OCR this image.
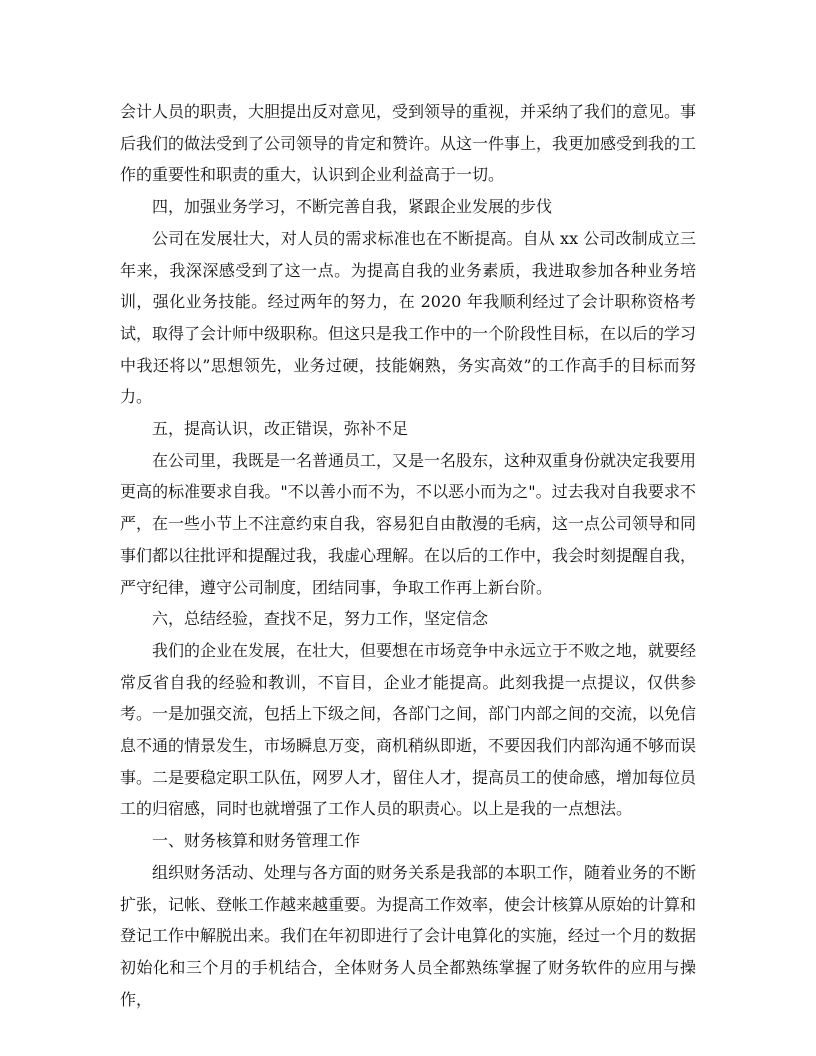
会计人员的职责，大胆提出反对意见，受到领导的重视，并采纳了我们的意见。事后我们的做法受到了公司领导的肯定和赞许。从这一件事上，我更加感受到我的工作的重要性和职责的重大，认识到企业利益高于一切。

四，加强业务学习，不断完善自我，紧跟企业发展的步伐

公司在发展壮大，对人员的需求标准也在不断提高。自从 xx 公司改制成立三年来，我深深感受到了这一点。为提高自我的业务素质，我进取参加各种业务培训，强化业务技能。经过两年的努力，在 2020 年我顺利经过了会计职称资格考试，取得了会计师中级职称。但这只是我工作中的一个阶段性目标，在以后的学习中我还将以”思想领先，业务过硬，技能娴熟，务实高效”的工作高手的目标而努力。

五，提高认识，改正错误，弥补不足

在公司里，我既是一名普通员工，又是一名股东，这种双重身份就决定我要用更高的标准要求自我。"不以善小而不为，不以恶小而为之"。过去我对自我要求不严，在一些小节上不注意约束自我，容易犯自由散漫的毛病，这一点公司领导和同事们都以往批评和提醒过我，我虚心理解。在以后的工作中，我会时刻提醒自我，严守纪律，遵守公司制度，团结同事，争取工作再上新台阶。

六，总结经验，查找不足，努力工作，坚定信念

我们的企业在发展，在壮大，但要想在市场竞争中永远立于不败之地，就要经常反省自我的经验和教训，不盲目，企业才能提高。此刻我提一点提议，仅供参考。一是加强交流，包括上下级之间，各部门之间，部门内部之间的交流，以免信息不通的情景发生，市场瞬息万变，商机稍纵即逝，不要因我们内部沟通不够而误事。二是要稳定职工队伍，网罗人才，留住人才，提高员工的使命感，增加每位员工的归宿感，同时也就增强了工作人员的职责心。以上是我的一点想法。

一、财务核算和财务管理工作

组织财务活动、处理与各方面的财务关系是我部的本职工作，随着业务的不断扩张，记帐、登帐工作越来越重要。为提高工作效率，使会计核算从原始的计算和登记工作中解脱出来。我们在年初即进行了会计电算化的实施，经过一个月的数据初始化和三个月的手机结合，全体财务人员全都熟练掌握了财务软件的应用与操作，
